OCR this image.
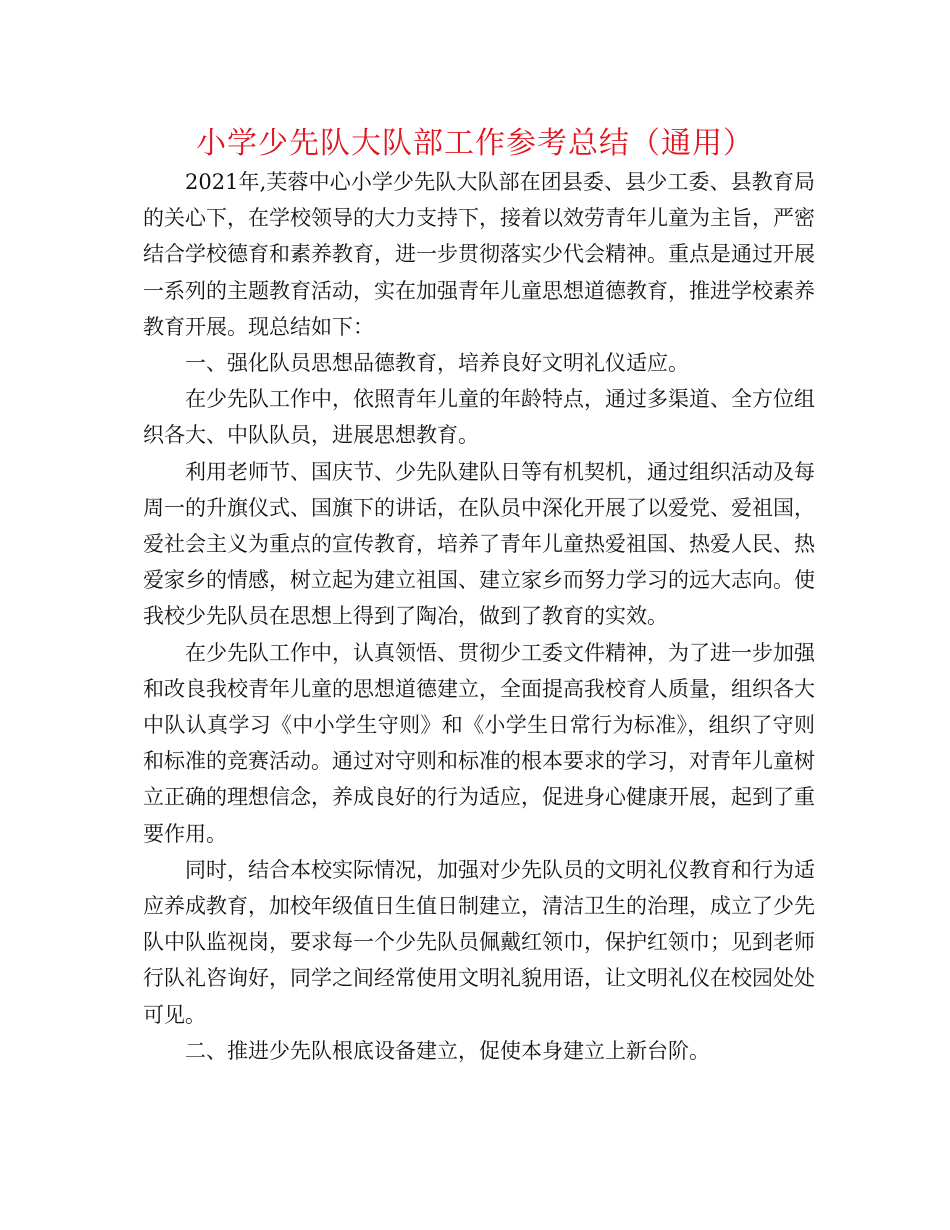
小学少先队大队部工作参考总结（通用）

2021年,芙蓉中心小学少先队大队部在团县委、县少工委、县教育局的关心下，在学校领导的大力支持下，接着以效劳青年儿童为主旨，严密结合学校德育和素养教育，进一步贯彻落实少代会精神。重点是通过开展一系列的主题教育活动，实在加强青年儿童思想道德教育，推进学校素养教育开展。现总结如下：

一、强化队员思想品德教育，培养良好文明礼仪适应。

在少先队工作中，依照青年儿童的年龄特点，通过多渠道、全方位组织各大、中队队员，进展思想教育。

利用老师节、国庆节、少先队建队日等有机契机，通过组织活动及每周一的升旗仪式、国旗下的讲话，在队员中深化开展了以爱党、爱祖国，爱社会主义为重点的宣传教育，培养了青年儿童热爱祖国、热爱人民、热爱家乡的情感，树立起为建立祖国、建立家乡而努力学习的远大志向。使我校少先队员在思想上得到了陶冶，做到了教育的实效。

在少先队工作中，认真领悟、贯彻少工委文件精神，为了进一步加强和改良我校青年儿童的思想道德建立，全面提高我校育人质量，组织各大中队认真学习《中小学生守则》和《小学生日常行为标准》，组织了守则和标准的竞赛活动。通过对守则和标准的根本要求的学习，对青年儿童树立正确的理想信念，养成良好的行为适应，促进身心健康开展，起到了重要作用。

同时，结合本校实际情况，加强对少先队员的文明礼仪教育和行为适应养成教育，加校年级值日生值日制建立，清洁卫生的治理，成立了少先队中队监视岗，要求每一个少先队员佩戴红领巾，保护红领巾；见到老师行队礼咨询好，同学之间经常使用文明礼貌用语，让文明礼仪在校园处处可见。

二、推进少先队根底设备建立，促使本身建立上新台阶。
